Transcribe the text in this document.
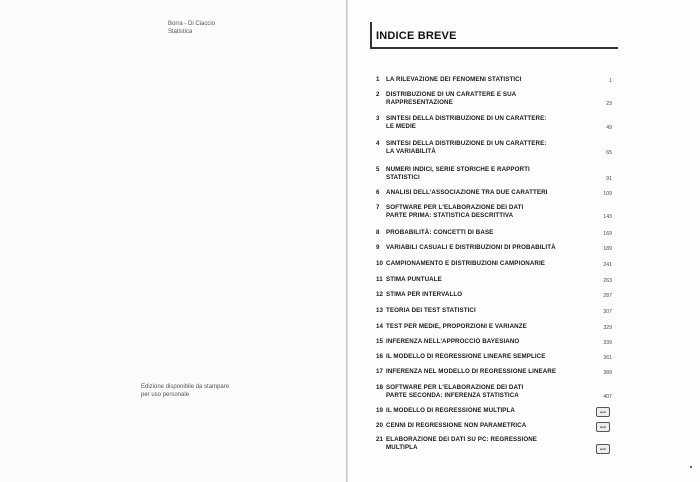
Borra - Di Ciaccio
Statistica
Edizione disponibile da stampare
per uso personale
INDICE BREVE
1	LA RILEVAZIONE DEI FENOMENI STATISTICI	1
2	DISTRIBUZIONE DI UN CARATTERE E SUA
RAPPRESENTAZIONE	23
3	SINTESI DELLA DISTRIBUZIONE DI UN CARATTERE:
LE MEDIE	49
4	SINTESI DELLA DISTRIBUZIONE DI UN CARATTERE:
LA VARIABILITÀ	65
5	NUMERI INDICI, SERIE STORICHE E RAPPORTI
STATISTICI	91
6	ANALISI DELL'ASSOCIAZIONE TRA DUE CARATTERI	109
7	SOFTWARE PER L'ELABORAZIONE DEI DATI
PARTE PRIMA: STATISTICA DESCRITTIVA	143
8	PROBABILITÀ: CONCETTI DI BASE	169
9	VARIABILI CASUALI E DISTRIBUZIONI DI PROBABILITÀ	189
10 CAMPIONAMENTO E DISTRIBUZIONI CAMPIONARIE	241
11 STIMA PUNTUALE	263
12 STIMA PER INTERVALLO	287
13 TEORIA DEI TEST STATISTICI	307
14 TEST PER MEDIE, PROPORZIONI E VARIANZE	329
15 INFERENZA NELL'APPROCCIO BAYESIANO	339
16 IL MODELLO DI REGRESSIONE LINEARE SEMPLICE	361
17 INFERENZA NEL MODELLO DI REGRESSIONE LINEARE	389
18 SOFTWARE PER L'ELABORAZIONE DEI DATI
PARTE SECONDA: INFERENZA STATISTICA	407
19 IL MODELLO DI REGRESSIONE MULTIPLA	web
20 CENNI DI REGRESSIONE NON PARAMETRICA	web
21 ELABORAZIONE DEI DATI SU PC: REGRESSIONE
MULTIPLA	web
